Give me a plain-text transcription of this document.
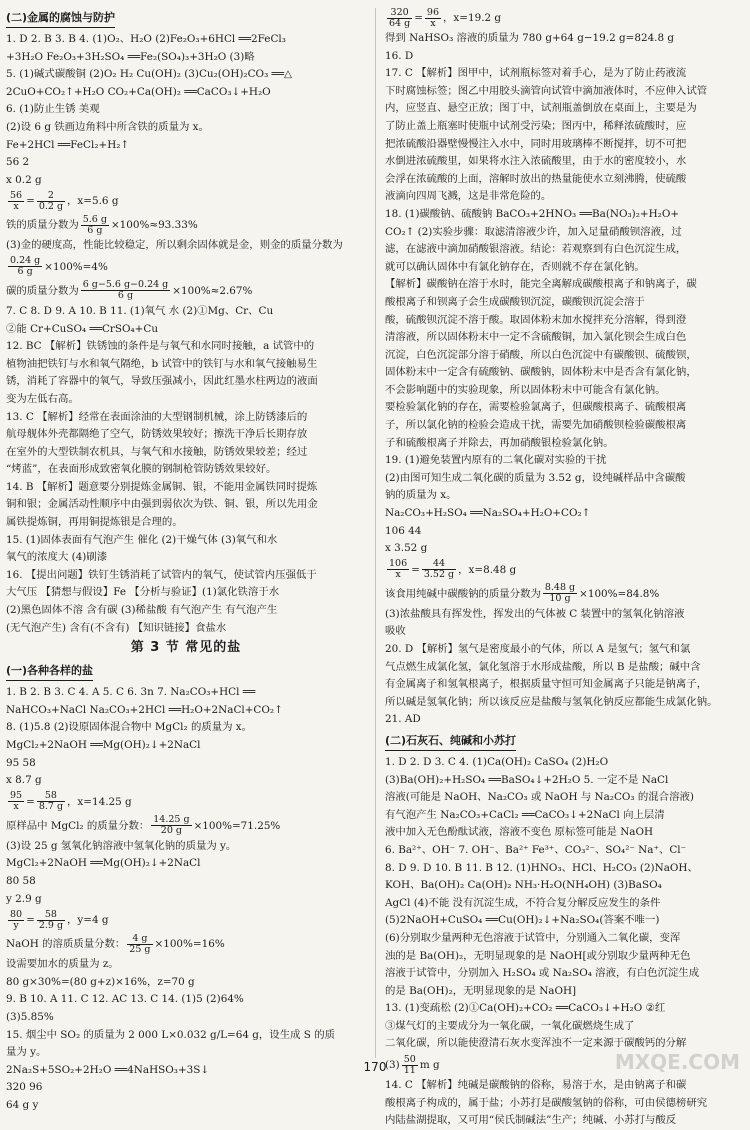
(二)金属的腐蚀与防护
1. D 2. B 3. B 4. (1)O₂、H₂O (2)Fe₂O₃+6HCl ══2FeCl₃
+3H₂O Fe₂O₃+3H₂SO₄ ══Fe₂(SO₄)₃+3H₂O (3)略
5. (1)碱式碳酸铜 (2)O₂ H₂ Cu(OH)₂ (3)Cu₂(OH)₂CO₃ ══△
2CuO+CO₂↑+H₂O CO₂+Ca(OH)₂ ══CaCO₃↓+H₂O
6. (1)防止生锈 美观
(2)设 6 g 铁画边角料中所含铁的质量为 x。
Fe+2HCl ══FeCl₂+H₂↑
56 2
x 0.2 g
$\frac{56}{x} = \frac{2}{0.2 g}$ ，x=5.6 g
铁的质量分数为 $\frac{5.6 g}{6 g} \times 100\%\approx 93.33\%$
(3)金的硬度高，性能比较稳定，所以剩余固体就是金，则金的质量分数为
$\frac{0.24 g}{6 g} \times 100\%=4\%$
碳的质量分数为 $\frac{6 g-5.6 g-0.24 g}{6 g} \times 100\%\approx 2.67\%$
7. C 8. D 9. A 10. B 11. (1)氧气 水 (2)①Mg、Cr、Cu
②能 Cr+CuSO₄ ══CrSO₄+Cu
12. BC 【解析】铁锈蚀的条件是与氧气和水同时接触，a 试管中的
植物油把铁钉与水和氧气隔绝，b 试管中的铁钉与水和氧气接触易生
锈，消耗了容器中的氧气，导致压强减小，因此红墨水柱两边的液面
变为左低右高。
13. C 【解析】经常在表面涂油的大型钢制机械，涂上防锈漆后的
航母舰体外壳都隔绝了空气，防锈效果较好；擦洗干净后长期存放
在室外的大型铁制农机具，与氧气和水接触，防锈效果较差；经过
“烤蓝”，在表面形成致密氧化膜的钢制枪管防锈效果较好。
14. B 【解析】题意要分别提炼金属铜、银，不能用金属铁同时提炼
铜和银；金属活动性顺序中由强到弱依次为铁、铜、银，所以先用金
属铁提炼铜，再用铜提炼银是合理的。
15. (1)固体表面有气泡产生 催化 (2)干燥气体 (3)氧气和水
氧气的浓度大 (4)刷漆
16. 【提出问题】铁钉生锈消耗了试管内的氧气，使试管内压强低于
大气压 【猜想与假设】Fe 【分析与验证】(1)氯化铁溶于水
(2)黑色固体不溶 含有碳 (3)稀盐酸 有气泡产生 有气泡产生
(无气泡产生) 含有(不含有) 【知识链接】食盐水
第 3 节 常见的盐
(一)各种各样的盐
1. B 2. B 3. C 4. A 5. C 6. 3n 7. Na₂CO₃+HCl ══
NaHCO₃+NaCl Na₂CO₃+2HCl ══H₂O+2NaCl+CO₂↑
8. (1)5.8 (2)设原固体混合物中 MgCl₂ 的质量为 x。
MgCl₂+2NaOH ══Mg(OH)₂↓+2NaCl
95 58
x 8.7 g
$\frac{95}{x} = \frac{58}{8.7 g}$ ，x=14.25 g
原样品中 MgCl₂ 的质量分数： $\frac{14.25 g}{20 g} \times 100\%=71.25\%$
(3)设 25 g 氢氧化钠溶液中氢氧化钠的质量为 y。
MgCl₂+2NaOH ══Mg(OH)₂↓+2NaCl
80 58
y 2.9 g
$\frac{80}{y} = \frac{58}{2.9 g}$ ，y=4 g
NaOH 的溶质质量分数： $\frac{4 g}{25 g} \times 100\%=16\%$
设需要加水的质量为 z。
80 g×30%=(80 g+z)×16%，z=70 g
9. B 10. A 11. C 12. AC 13. C 14. (1)5 (2)64%
(3)5.85%
15. 烟尘中 SO₂ 的质量为 2 000 L×0.032 g/L=64 g，设生成 S 的质
量为 y。
2Na₂S+5SO₂+2H₂O ══4NaHSO₃+3S↓
320 96
64 g y
$\frac{320}{64 g} = \frac{96}{x}$ ，x=19.2 g
得到 NaHSO₃ 溶液的质量为 780 g+64 g−19.2 g=824.8 g
16. D
17. C 【解析】图甲中，试剂瓶标签对着手心，是为了防止药液流
下时腐蚀标签；图乙中用胶头滴管向试管中滴加液体时，不应伸入试管
内，应竖直、悬空正放；图丁中，试剂瓶盖倒放在桌面上，主要是为
了防止盖上瓶塞时使瓶中试剂受污染；图丙中，稀释浓硫酸时，应
把浓硫酸沿器壁慢慢注入水中，同时用玻璃棒不断搅拌，切不可把
水倒进浓硫酸里，如果将水注入浓硫酸里，由于水的密度较小，水
会浮在浓硫酸的上面，溶解时放出的热量能使水立刻沸腾，使硫酸
液滴向四周飞溅，这是非常危险的。
18. (1)碳酸钠、硫酸钠 BaCO₃+2HNO₃ ══Ba(NO₃)₂+H₂O+
CO₂↑ (2)实验步骤：取滤清溶液少许，加入足量硝酸钡溶液，过
滤，在滤液中滴加硝酸银溶液。结论：若观察到有白色沉淀生成，
就可以确认固体中有氯化钠存在，否则就不存在氯化钠。
【解析】碳酸钠在溶于水时，能完全离解成碳酸根离子和钠离子，碳
酸根离子和钡离子会生成碳酸钡沉淀，碳酸钡沉淀会溶于
酸，硫酸钡沉淀不溶于酸。取固体粉末加水搅拌充分溶解，得到澄
清溶液，所以固体粉末中一定不含硫酸铜，加入氯化钡会生成白色
沉淀，白色沉淀部分溶于硝酸，所以白色沉淀中有碳酸钡、硫酸钡，
固体粉末中一定含有硫酸钠、碳酸钠，固体粉末中是否含有氯化钠，
不会影响题中的实验现象，所以固体粉末中可能含有氯化钠。
要检验氯化钠的存在，需要检验氯离子，但碳酸根离子、硫酸根离
子，所以氯化钠的检验会造成干扰，需要先加硝酸钡检验碳酸根离
子和硫酸根离子并除去，再加硝酸银检验氯化钠。
19. (1)避免装置内原有的二氧化碳对实验的干扰
(2)由图可知生成二氧化碳的质量为 3.52 g，设纯碱样品中含碳酸
钠的质量为 x。
Na₂CO₃+H₂SO₄ ══Na₂SO₄+H₂O+CO₂↑
106 44
x 3.52 g
$\frac{106}{x} = \frac{44}{3.52 g}$ ，x=8.48 g
该食用纯碱中碳酸钠的质量分数为 $\frac{8.48 g}{10 g} \times 100\%=84.8\%$
(3)浓盐酸具有挥发性，挥发出的气体被 C 装置中的氢氧化钠溶液
吸收
20. D 【解析】氢气是密度最小的气体，所以 A 是氢气；氢气和氯
气点燃生成氯化氢，氯化氢溶于水形成盐酸，所以 B 是盐酸；碱中含
有金属离子和氢氧根离子，根据质量守恒可知金属离子只能是钠离子，
所以碱是氢氧化钠；所以该反应是盐酸与氢氧化钠反应都能生成氯化钠。
21. AD
(二)石灰石、纯碱和小苏打
1. D 2. D 3. C 4. (1)Ca(OH)₂ CaSO₄ (2)H₂O
(3)Ba(OH)₂+H₂SO₄ ══BaSO₄↓+2H₂O 5. 一定不是 NaCl
溶液(可能是 NaOH、Na₂CO₃ 或 NaOH 与 Na₂CO₃ 的混合溶液)
有气泡产生 Na₂CO₃+CaCl₂ ══CaCO₃↓+2NaCl 向上层清
液中加入无色酚酞试液，溶液不变色 原标签可能是 NaOH
6. Ba²⁺、OH⁻ 7. OH⁻、Ba²⁺ Fe³⁺、CO₃²⁻、SO₄²⁻ Na⁺、Cl⁻
8. D 9. D 10. B 11. B 12. (1)HNO₃、HCl、H₂CO₃ (2)NaOH、
KOH、Ba(OH)₂ Ca(OH)₂ NH₃·H₂O(NH₄OH) (3)BaSO₄
AgCl (4)不能 没有沉淀生成，不符合复分解反应发生的条件
(5)2NaOH+CuSO₄ ══Cu(OH)₂↓+Na₂SO₄(答案不唯一)
(6)分别取少量两种无色溶液于试管中，分别通入二氧化碳，变浑
浊的是 Ba(OH)₂，无明显现象的是 NaOH[或分别取少量两种无色
溶液于试管中，分别加入 H₂SO₄ 或 Na₂SO₄ 溶液，有白色沉淀生成
的是 Ba(OH)₂，无明显现象的是 NaOH]
13. (1)变疏松 (2)①Ca(OH)₂+CO₂ ══CaCO₃↓+H₂O ②红
③煤气灯的主要成分为一氧化碳，一氧化碳燃烧生成了
二氧化碳，所以能使澄清石灰水变浑浊不一定来源于碳酸钙的分解
$(3) \frac{50}{11}$ m g
14. C 【解析】纯碱是碳酸钠的俗称，易溶于水，是由钠离子和碳
酸根离子构成的，属于盐；小苏打是碳酸氢钠的俗称，可由侯德榜研究
内陆盐湖提取，又可用“侯氏制碱法”生产；纯碱、小苏打与酸反
170	MXQE.COM
